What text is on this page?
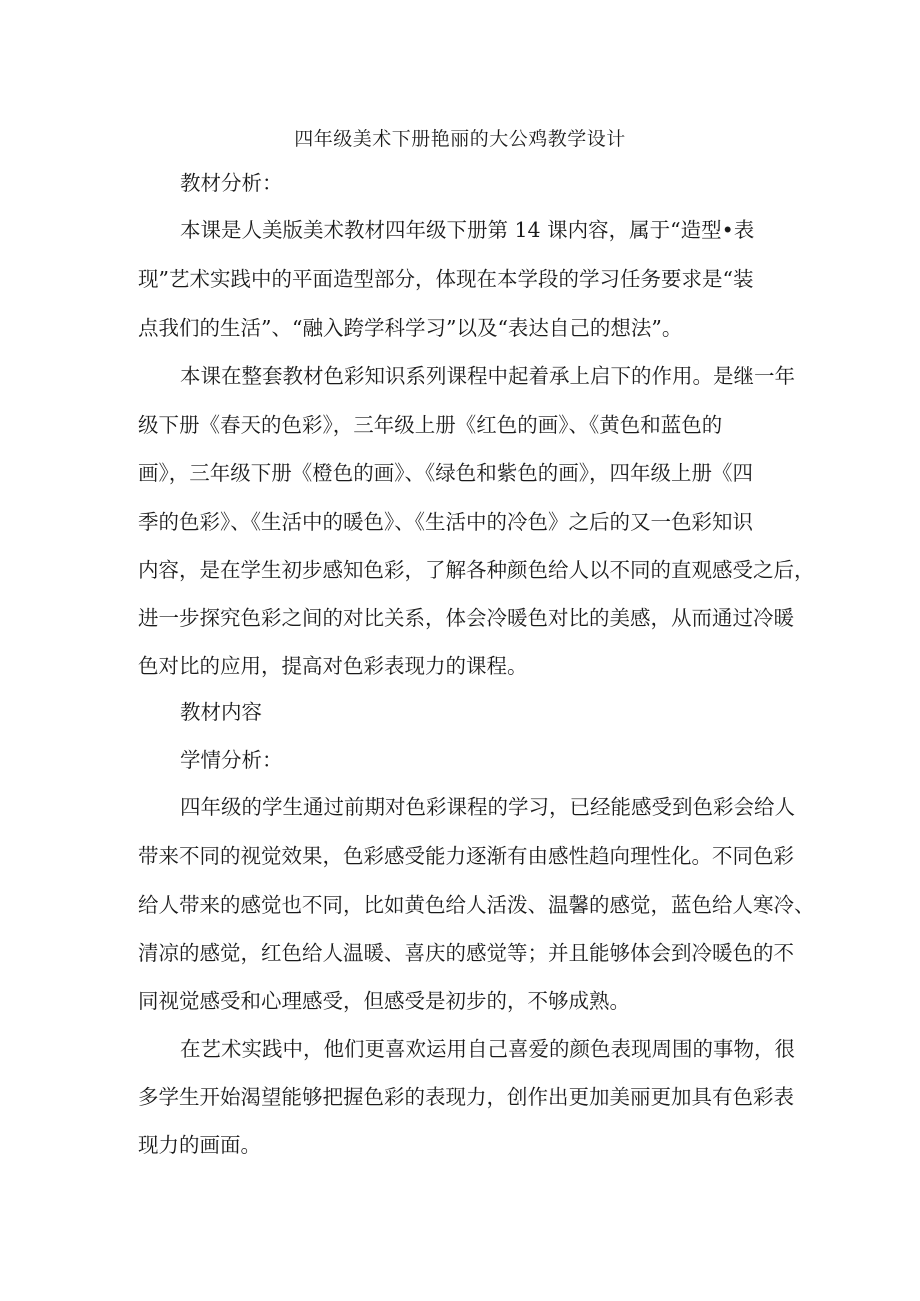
四年级美术下册艳丽的大公鸡教学设计
教材分析：
本课是人美版美术教材四年级下册第 14 课内容，属于“造型•表
现”艺术实践中的平面造型部分，体现在本学段的学习任务要求是“装
点我们的生活”、“融入跨学科学习”以及“表达自己的想法”。
本课在整套教材色彩知识系列课程中起着承上启下的作用。是继一年
级下册《春天的色彩》，三年级上册《红色的画》、《黄色和蓝色的
画》，三年级下册《橙色的画》、《绿色和紫色的画》，四年级上册《四
季的色彩》、《生活中的暖色》、《生活中的冷色》之后的又一色彩知识
内容，是在学生初步感知色彩，了解各种颜色给人以不同的直观感受之后，
进一步探究色彩之间的对比关系，体会冷暖色对比的美感，从而通过冷暖
色对比的应用，提高对色彩表现力的课程。
教材内容
学情分析：
四年级的学生通过前期对色彩课程的学习，已经能感受到色彩会给人
带来不同的视觉效果，色彩感受能力逐渐有由感性趋向理性化。不同色彩
给人带来的感觉也不同，比如黄色给人活泼、温馨的感觉，蓝色给人寒冷、
清凉的感觉，红色给人温暖、喜庆的感觉等；并且能够体会到冷暖色的不
同视觉感受和心理感受，但感受是初步的，不够成熟。
在艺术实践中，他们更喜欢运用自己喜爱的颜色表现周围的事物，很
多学生开始渴望能够把握色彩的表现力，创作出更加美丽更加具有色彩表
现力的画面。
